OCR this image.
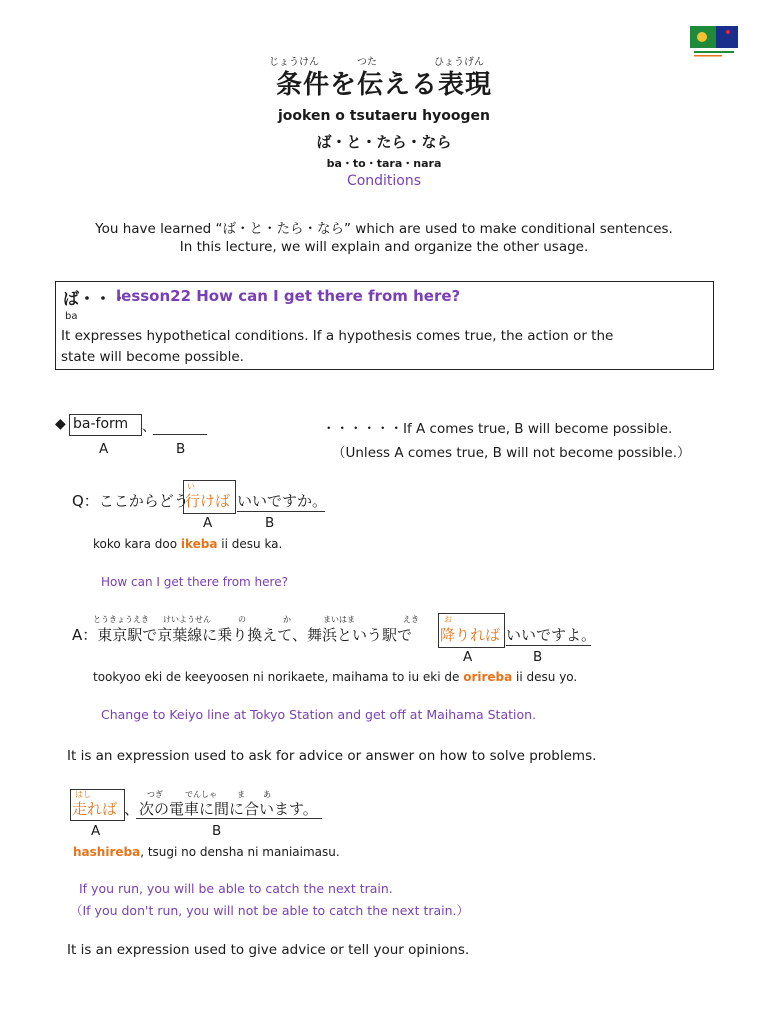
じょうけん	つた	ひょうげん
条件を伝える表現
jooken o tsutaeru hyoogen
ば・と・たら・なら
ba・to・tara・nara
Conditions
You have learned “ば・と・たら・なら” which are used to make conditional sentences.
In this lecture, we will explain and organize the other usage.
ば・・・
lesson22 How can I get there from here?
ba
It expresses hypothetical conditions. If a hypothesis comes true, the action or the
state will become possible.
◆ ba-form 、	・・・・・・If A comes true, B will become possible.
A	B	（Unless A comes true, B will not become possible.）
Q：ここからどう
い
行けば いいですか。
A	B
koko kara doo ikeba ii desu ka.
How can I get there from here?
とうきょうえき けいようせん	の	か	まいはま	えき	お
A：東京駅で京葉線に乗り換えて、舞浜という駅で 降りれば いいですよ。
A	B
tookyoo eki de keeyoosen ni norikaete, maihama to iu eki de orireba ii desu yo.
Change to Keiyo line at Tokyo Station and get off at Maihama Station.
It is an expression used to ask for advice or answer on how to solve problems.
はし	つぎ	でんしゃ	ま あ
走れば 、次の電車に間に合います。
A	B
hashireba, tsugi no densha ni maniaimasu.
If you run, you will be able to catch the next train.
（If you don't run, you will not be able to catch the next train.）
It is an expression used to give advice or tell your opinions.
